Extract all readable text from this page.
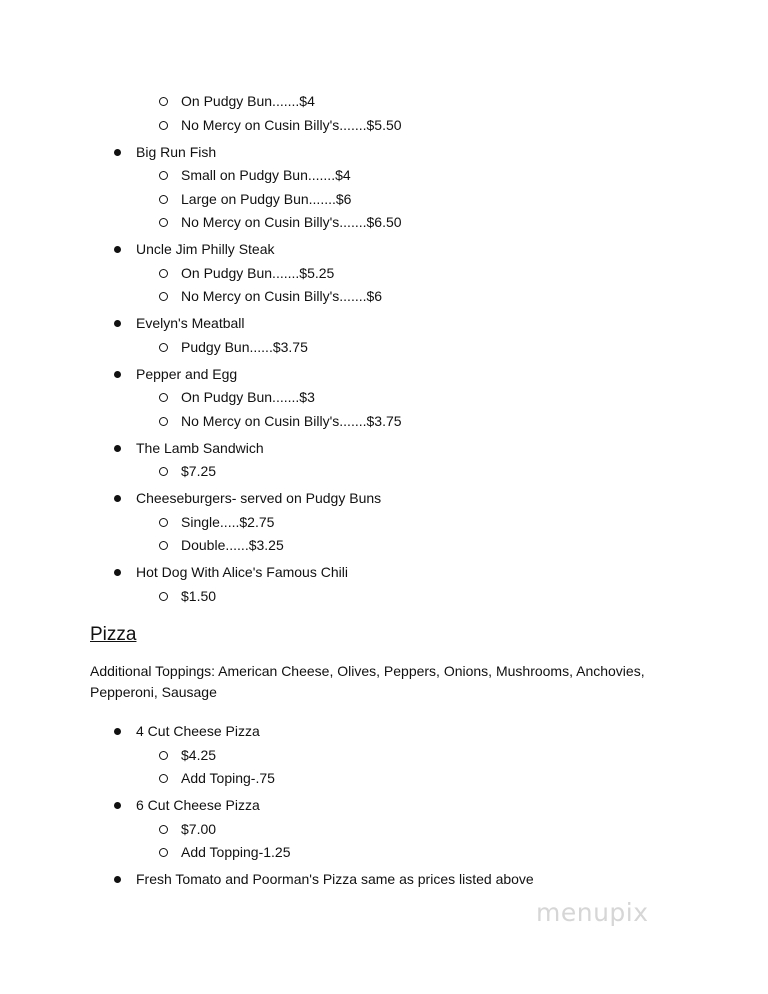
On Pudgy Bun.......$4
No Mercy on Cusin Billy's.......$5.50
Big Run Fish
Small on Pudgy Bun.......$4
Large on Pudgy Bun.......$6
No Mercy on Cusin Billy's.......$6.50
Uncle Jim Philly Steak
On Pudgy Bun.......$5.25
No Mercy on Cusin Billy's.......$6
Evelyn's Meatball
Pudgy Bun......$3.75
Pepper and Egg
On Pudgy Bun.......$3
No Mercy on Cusin Billy's.......$3.75
The Lamb Sandwich
$7.25
Cheeseburgers- served on Pudgy Buns
Single.....$2.75
Double......$3.25
Hot Dog With Alice's Famous Chili
$1.50
Pizza

Additional Toppings: American Cheese, Olives, Peppers, Onions, Mushrooms, Anchovies, Pepperoni, Sausage

4 Cut Cheese Pizza
$4.25
Add Toping-.75
6 Cut Cheese Pizza
$7.00
Add Topping-1.25
Fresh Tomato and Poorman's Pizza same as prices listed above
menupix
